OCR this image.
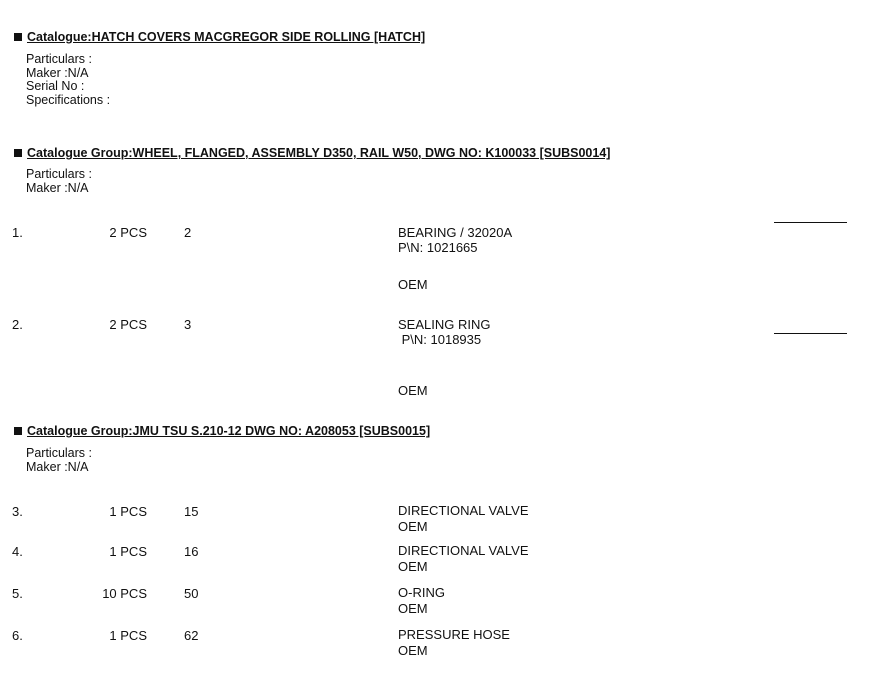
Catalogue:HATCH COVERS MACGREGOR SIDE ROLLING [HATCH]
Particulars :
Maker :N/A
Serial No :
Specifications :
Catalogue Group:WHEEL, FLANGED, ASSEMBLY D350, RAIL W50, DWG NO: K100033 [SUBS0014]
Particulars :
Maker :N/A
1.	2 PCS	2	BEARING / 32020A
P\N: 1021665
OEM
2.	2 PCS	3	SEALING RING
P\N: 1018935
OEM
Catalogue Group:JMU TSU S.210-12 DWG NO: A208053 [SUBS0015]
Particulars :
Maker :N/A
3.	1 PCS	15	DIRECTIONAL VALVE
OEM
4.	1 PCS	16	DIRECTIONAL VALVE
OEM
5.	10 PCS	50	O-RING
OEM
6.	1 PCS	62	PRESSURE HOSE
OEM
